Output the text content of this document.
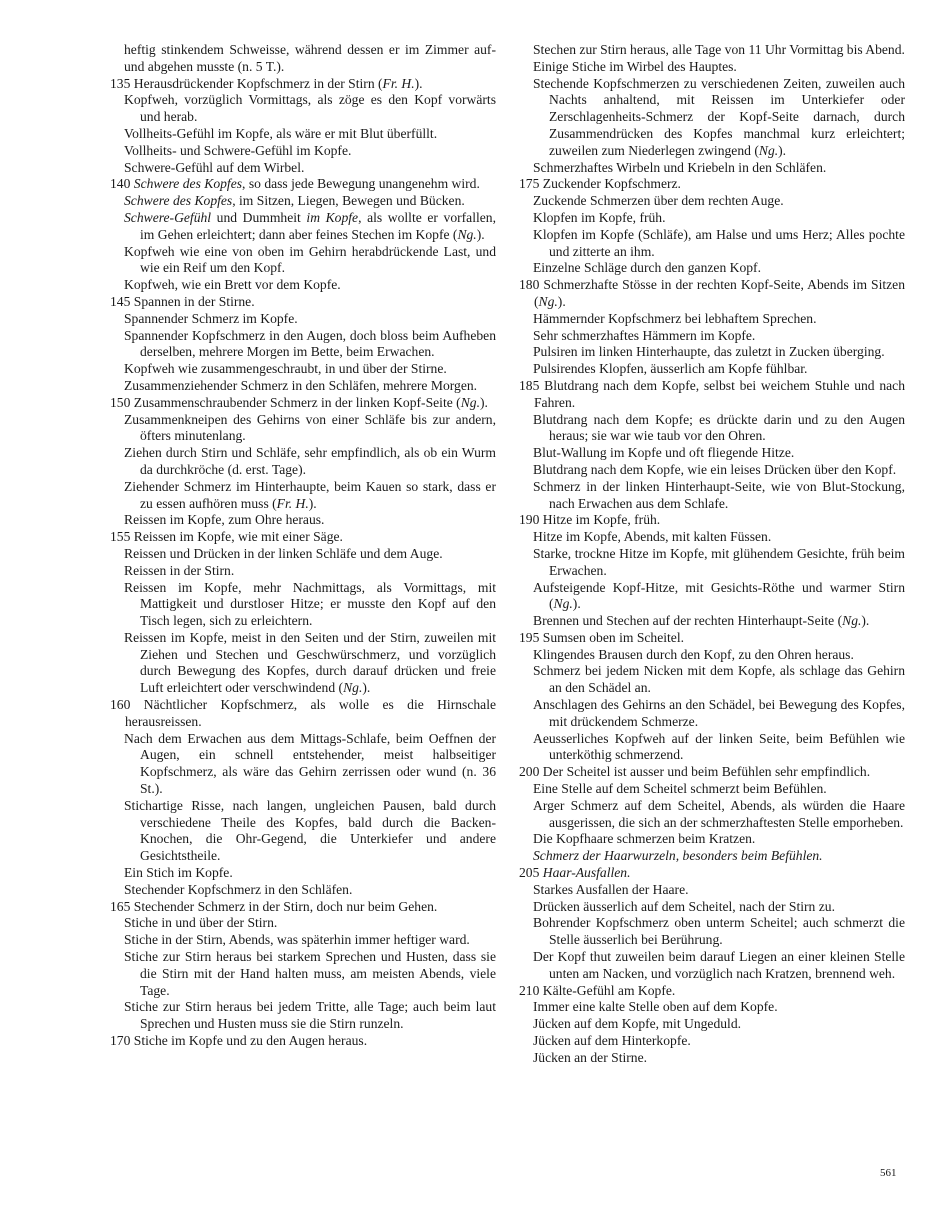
heftig stinkendem Schweisse, während dessen er im Zimmer auf- und abgehen musste (n. 5 T.).

135 Herausdrückender Kopfschmerz in der Stirn (Fr. H.).

Kopfweh, vorzüglich Vormittags, als zöge es den Kopf vorwärts und herab.

Vollheits-Gefühl im Kopfe, als wäre er mit Blut überfüllt.

Vollheits- und Schwere-Gefühl im Kopfe.

Schwere-Gefühl auf dem Wirbel.

140 Schwere des Kopfes, so dass jede Bewegung unangenehm wird.

Schwere des Kopfes, im Sitzen, Liegen, Bewegen und Bücken.

Schwere-Gefühl und Dummheit im Kopfe, als wollte er vorfallen, im Gehen erleichtert; dann aber feines Stechen im Kopfe (Ng.).

Kopfweh wie eine von oben im Gehirn herabdrückende Last, und wie ein Reif um den Kopf.

Kopfweh, wie ein Brett vor dem Kopfe.

145 Spannen in der Stirne.

Spannender Schmerz im Kopfe.

Spannender Kopfschmerz in den Augen, doch bloss beim Aufheben derselben, mehrere Morgen im Bette, beim Erwachen.

Kopfweh wie zusammengeschraubt, in und über der Stirne.

Zusammenziehender Schmerz in den Schläfen, mehrere Morgen.

150 Zusammenschraubender Schmerz in der linken Kopf-Seite (Ng.).

Zusammenkneipen des Gehirns von einer Schläfe bis zur andern, öfters minutenlang.

Ziehen durch Stirn und Schläfe, sehr empfindlich, als ob ein Wurm da durchkröche (d. erst. Tage).

Ziehender Schmerz im Hinterhaupte, beim Kauen so stark, dass er zu essen aufhören muss (Fr. H.).

Reissen im Kopfe, zum Ohre heraus.

155 Reissen im Kopfe, wie mit einer Säge.

Reissen und Drücken in der linken Schläfe und dem Auge.

Reissen in der Stirn.

Reissen im Kopfe, mehr Nachmittags, als Vormittags, mit Mattigkeit und durstloser Hitze; er musste den Kopf auf den Tisch legen, sich zu erleichtern.

Reissen im Kopfe, meist in den Seiten und der Stirn, zuweilen mit Ziehen und Stechen und Geschwürschmerz, und vorzüglich durch Bewegung des Kopfes, durch darauf drücken und freie Luft erleichtert oder verschwindend (Ng.).

160 Nächtlicher Kopfschmerz, als wolle es die Hirnschale herausreissen.

Nach dem Erwachen aus dem Mittags-Schlafe, beim Oeffnen der Augen, ein schnell entstehender, meist halbseitiger Kopfschmerz, als wäre das Gehirn zerrissen oder wund (n. 36 St.).

Stichartige Risse, nach langen, ungleichen Pausen, bald durch verschiedene Theile des Kopfes, bald durch die Backen-Knochen, die Ohr-Gegend, die Unterkiefer und andere Gesichtstheile.

Ein Stich im Kopfe.

Stechender Kopfschmerz in den Schläfen.

165 Stechender Schmerz in der Stirn, doch nur beim Gehen.

Stiche in und über der Stirn.

Stiche in der Stirn, Abends, was späterhin immer heftiger ward.

Stiche zur Stirn heraus bei starkem Sprechen und Husten, dass sie die Stirn mit der Hand halten muss, am meisten Abends, viele Tage.

Stiche zur Stirn heraus bei jedem Tritte, alle Tage; auch beim laut Sprechen und Husten muss sie die Stirn runzeln.

170 Stiche im Kopfe und zu den Augen heraus.

Stechen zur Stirn heraus, alle Tage von 11 Uhr Vormittag bis Abend.

Einige Stiche im Wirbel des Hauptes.

Stechende Kopfschmerzen zu verschiedenen Zeiten, zuweilen auch Nachts anhaltend, mit Reissen im Unterkiefer oder Zerschlagenheits-Schmerz der Kopf-Seite darnach, durch Zusammendrücken des Kopfes manchmal kurz erleichtert; zuweilen zum Niederlegen zwingend (Ng.).

Schmerzhaftes Wirbeln und Kriebeln in den Schläfen.

175 Zuckender Kopfschmerz.

Zuckende Schmerzen über dem rechten Auge.

Klopfen im Kopfe, früh.

Klopfen im Kopfe (Schläfe), am Halse und ums Herz; Alles pochte und zitterte an ihm.

Einzelne Schläge durch den ganzen Kopf.

180 Schmerzhafte Stösse in der rechten Kopf-Seite, Abends im Sitzen (Ng.).

Hämmernder Kopfschmerz bei lebhaftem Sprechen.

Sehr schmerzhaftes Hämmern im Kopfe.

Pulsiren im linken Hinterhaupte, das zuletzt in Zucken überging.

Pulsirendes Klopfen, äusserlich am Kopfe fühlbar.

185 Blutdrang nach dem Kopfe, selbst bei weichem Stuhle und nach Fahren.

Blutdrang nach dem Kopfe; es drückte darin und zu den Augen heraus; sie war wie taub vor den Ohren.

Blut-Wallung im Kopfe und oft fliegende Hitze.

Blutdrang nach dem Kopfe, wie ein leises Drücken über den Kopf.

Schmerz in der linken Hinterhaupt-Seite, wie von Blut-Stockung, nach Erwachen aus dem Schlafe.

190 Hitze im Kopfe, früh.

Hitze im Kopfe, Abends, mit kalten Füssen.

Starke, trockne Hitze im Kopfe, mit glühendem Gesichte, früh beim Erwachen.

Aufsteigende Kopf-Hitze, mit Gesichts-Röthe und warmer Stirn (Ng.).

Brennen und Stechen auf der rechten Hinterhaupt-Seite (Ng.).

195 Sumsen oben im Scheitel.

Klingendes Brausen durch den Kopf, zu den Ohren heraus.

Schmerz bei jedem Nicken mit dem Kopfe, als schlage das Gehirn an den Schädel an.

Anschlagen des Gehirns an den Schädel, bei Bewegung des Kopfes, mit drückendem Schmerze.

Aeusserliches Kopfweh auf der linken Seite, beim Befühlen wie unterköthig schmerzend.

200 Der Scheitel ist ausser und beim Befühlen sehr empfindlich.

Eine Stelle auf dem Scheitel schmerzt beim Befühlen.

Arger Schmerz auf dem Scheitel, Abends, als würden die Haare ausgerissen, die sich an der schmerzhaftesten Stelle emporheben.

Die Kopfhaare schmerzen beim Kratzen.

Schmerz der Haarwurzeln, besonders beim Befühlen.

205 Haar-Ausfallen.

Starkes Ausfallen der Haare.

Drücken äusserlich auf dem Scheitel, nach der Stirn zu.

Bohrender Kopfschmerz oben unterm Scheitel; auch schmerzt die Stelle äusserlich bei Berührung.

Der Kopf thut zuweilen beim darauf Liegen an einer kleinen Stelle unten am Nacken, und vorzüglich nach Kratzen, brennend weh.

210 Kälte-Gefühl am Kopfe.

Immer eine kalte Stelle oben auf dem Kopfe.

Jücken auf dem Kopfe, mit Ungeduld.

Jücken auf dem Hinterkopfe.

Jücken an der Stirne.

561
